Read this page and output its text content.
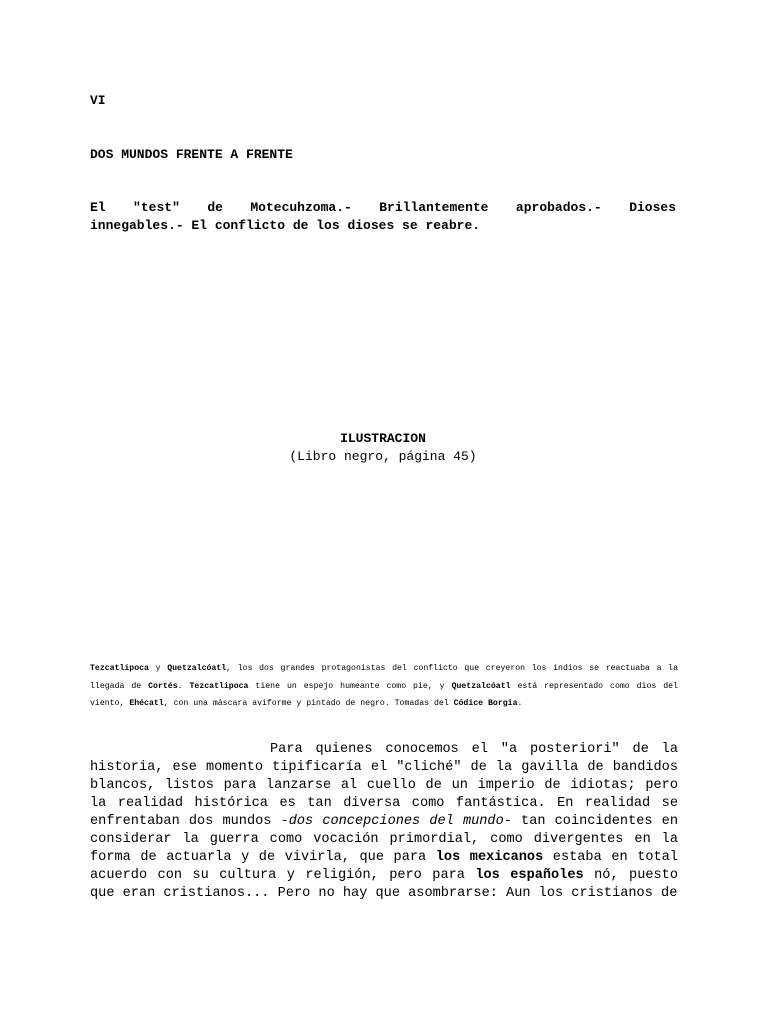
VI
DOS MUNDOS FRENTE A FRENTE
El "test" de Motecuhzoma.- Brillantemente aprobados.- Dioses
innegables.- El conflicto de los dioses se reabre.
ILUSTRACION
(Libro negro, página 45)
Tezcatlipoca y Quetzalcóatl, los dos grandes protagonistas del conflicto que creyeron los indios se reactuaba a la llegada de Cortés. Tezcatlipoca tiene un espejo humeante como pie, y Quetzalcóatl está representado como dios del viento, Ehécatl, con una máscara aviforme y pintado de negro. Tomadas del Códice Borgia.
Para quienes conocemos el "a posteriori" de la historia, ese momento tipificaría el "cliché" de la gavilla de bandidos blancos, listos para lanzarse al cuello de un imperio de idiotas; pero la realidad histórica es tan diversa como fantástica. En realidad se enfrentaban dos mundos -dos concepciones del mundo- tan coincidentes en considerar la guerra como vocación primordial, como divergentes en la forma de actuarla y de vivirla, que para los mexicanos estaba en total acuerdo con su cultura y religión, pero para los españoles nó, puesto que eran cristianos... Pero no hay que asombrarse: Aun los cristianos de
